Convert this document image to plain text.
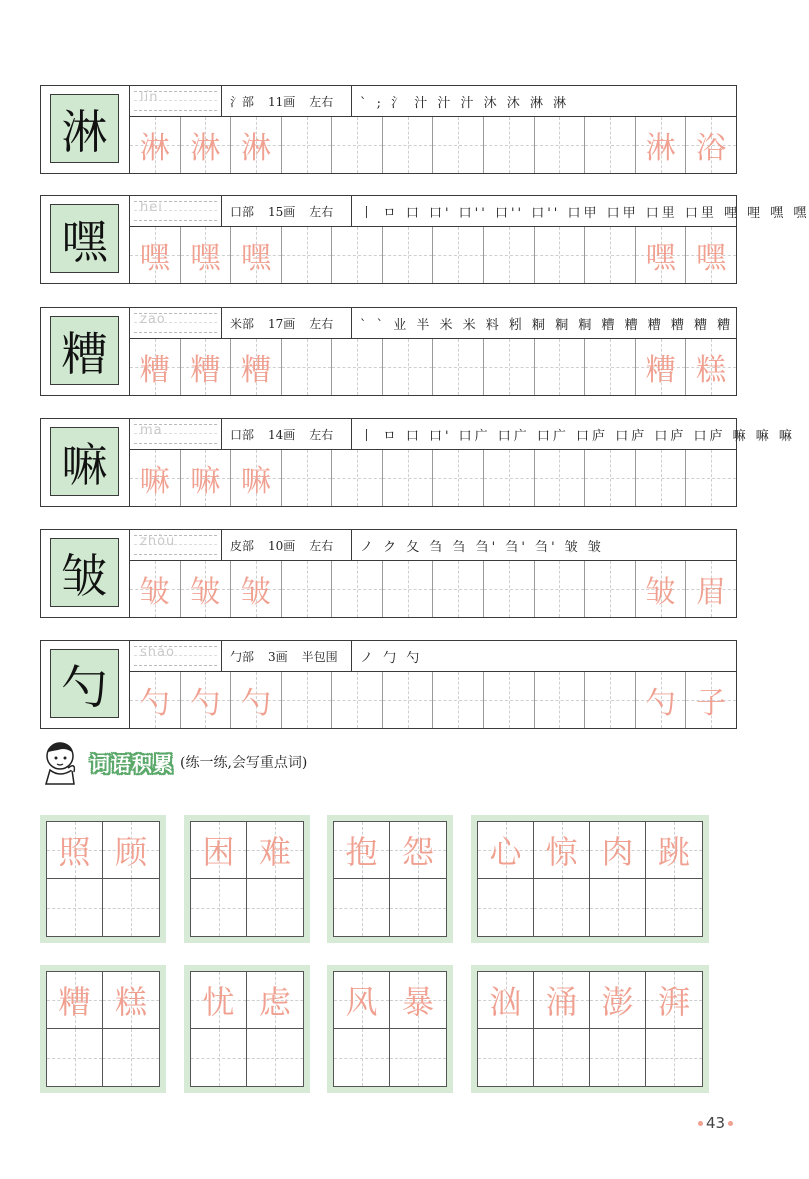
淋
lín	氵部 11画 左右	` ; 氵 汁 汁 汁 沐 沐 淋 淋
淋 淋 淋	淋 浴
嘿
hēi	口部 15画 左右	丨 ㅁ 口 口' 口'' 口'' 口'' 口甲 口甲 口里 口里 哩 哩 嘿 嘿
嘿 嘿 嘿	嘿 嘿
糟
zāo	米部 17画 左右	` ` 业 半 米 米 料 粌 粡 粡 粡 糟 糟 糟 糟 糟 糟
糟 糟 糟	糟 糕
嘛
ma	口部 14画 左右	丨 ㅁ 口 口' 口广 口广 口广 口庐 口庐 口庐 口庐 嘛 嘛 嘛
嘛 嘛 嘛
皱
zhòu	皮部 10画 左右	ノ ク 夂 刍 刍 刍' 刍' 刍' 皱 皱
皱 皱 皱	皱 眉
勺
sháo	勹部 3画 半包围	ノ 勹 勺
勺 勺 勺	勺 子
词语积累 (练一练,会写重点词)
照 顾 困 难 抱 怨 心 惊 肉 跳
糟 糕 忧 虑 风 暴 汹 涌 澎 湃
43
